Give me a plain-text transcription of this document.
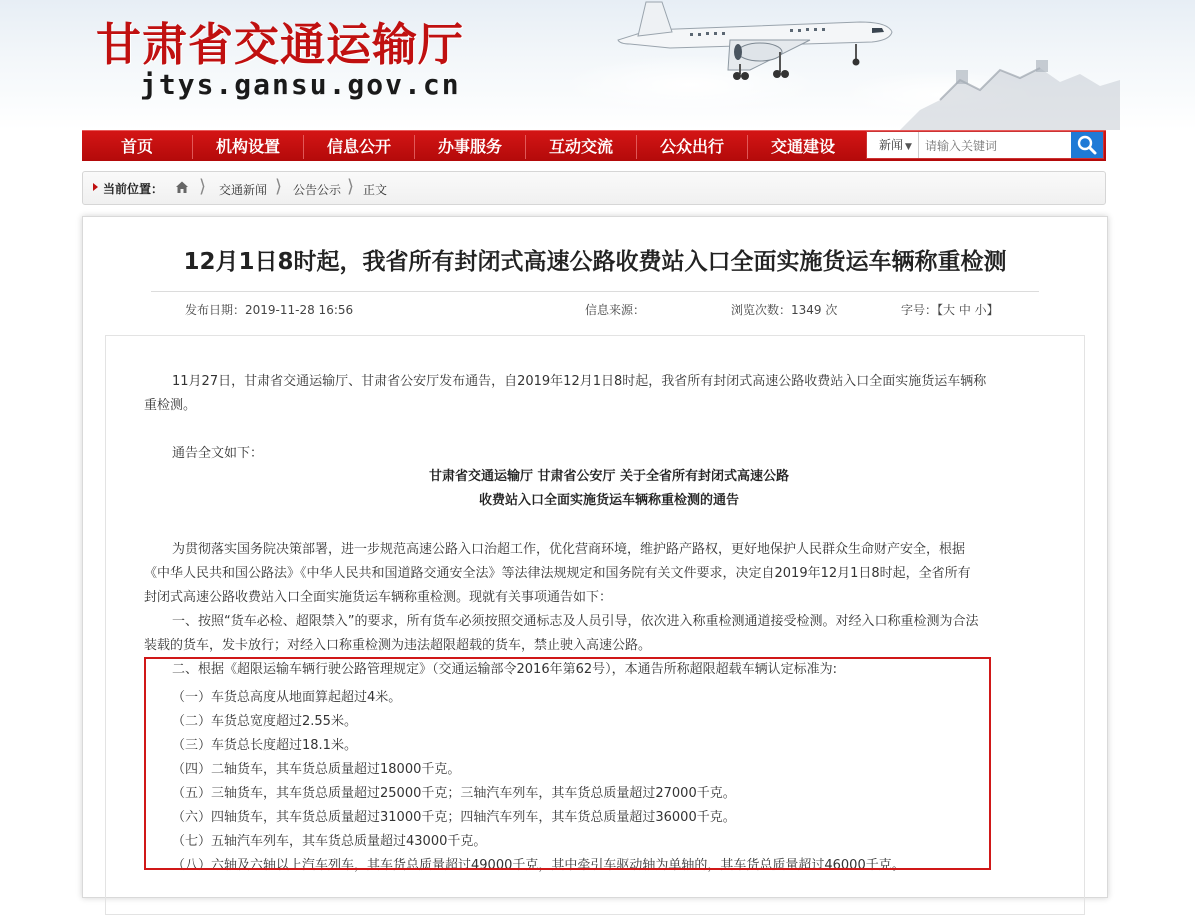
甘肃省交通运输厅
jtys.gansu.gov.cn
首页	机构设置	信息公开	办事服务	互动交流	公众出行	交通建设	新闻 ▼
请输入关键词
当前位置： ⟩ 交通新闻 ⟩ 公告公示 ⟩ 正文
12月1日8时起，我省所有封闭式高速公路收费站入口全面实施货运车辆称重检测
发布日期：2019-11-28 16:56	信息来源：	浏览次数：1349 次	字号：【大 中 小】
11月27日，甘肃省交通运输厅、甘肃省公安厅发布通告，自2019年12月1日8时起，我省所有封闭式高速公路收费站入口全面实施货运车辆称
重检测。
通告全文如下：
甘肃省交通运输厅 甘肃省公安厅 关于全省所有封闭式高速公路
收费站入口全面实施货运车辆称重检测的通告
为贯彻落实国务院决策部署，进一步规范高速公路入口治超工作，优化营商环境，维护路产路权，更好地保护人民群众生命财产安全，根据
《中华人民共和国公路法》《中华人民共和国道路交通安全法》等法律法规规定和国务院有关文件要求，决定自2019年12月1日8时起，全省所有
封闭式高速公路收费站入口全面实施货运车辆称重检测。现就有关事项通告如下：
一、按照“货车必检、超限禁入”的要求，所有货车必须按照交通标志及人员引导，依次进入称重检测通道接受检测。对经入口称重检测为合法
装载的货车，发卡放行；对经入口称重检测为违法超限超载的货车，禁止驶入高速公路。
二、根据《超限运输车辆行驶公路管理规定》（交通运输部令2016年第62号），本通告所称超限超载车辆认定标准为:
（一）车货总高度从地面算起超过4米。
（二）车货总宽度超过2.55米。
（三）车货总长度超过18.1米。
（四）二轴货车，其车货总质量超过18000千克。
（五）三轴货车，其车货总质量超过25000千克；三轴汽车列车，其车货总质量超过27000千克。
（六）四轴货车，其车货总质量超过31000千克；四轴汽车列车，其车货总质量超过36000千克。
（七）五轴汽车列车，其车货总质量超过43000千克。
（八）六轴及六轴以上汽车列车，其车货总质量超过49000千克，其中牵引车驱动轴为单轴的，其车货总质量超过46000千克。
